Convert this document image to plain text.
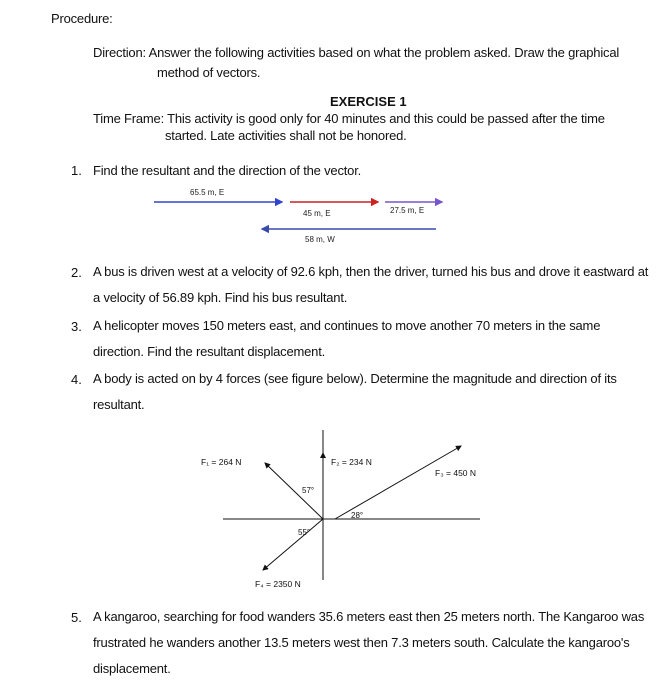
Procedure:
Direction: Answer the following activities based on what the problem asked. Draw the graphical
method of vectors.
EXERCISE 1
Time Frame: This activity is good only for 40 minutes and this could be passed after the time
started. Late activities shall not be honored.
1. Find the resultant and the direction of the vector.
65.5 m, E
45 m, E	27.5 m, E
58 m, W
2. A bus is driven west at a velocity of 92.6 kph, then the driver, turned his bus and drove it eastward at a velocity of 56.89 kph. Find his bus resultant.
3. A helicopter moves 150 meters east, and continues to move another 70 meters in the same direction. Find the resultant displacement.
4. A body is acted on by 4 forces (see figure below). Determine the magnitude and direction of its resultant.
F₂ = 234 N
F₃ = 450 N
28°
F₁ = 264 N
57°
55°
F₄ = 2350 N
5. A kangaroo, searching for food wanders 35.6 meters east then 25 meters north. The Kangaroo was frustrated he wanders another 13.5 meters west then 7.3 meters south. Calculate the kangaroo's displacement.
